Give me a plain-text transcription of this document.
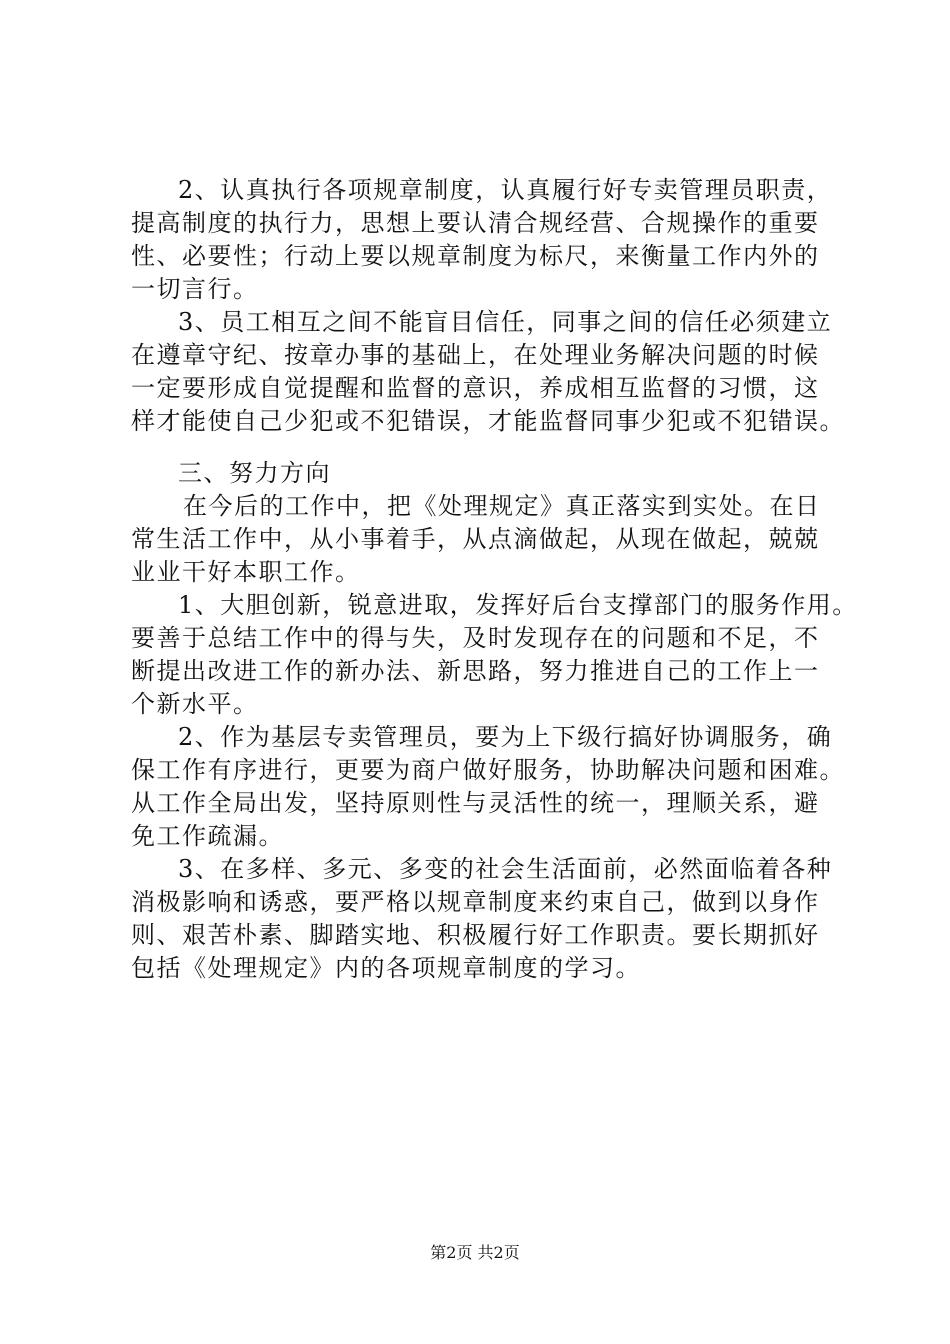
2、认真执行各项规章制度，认真履行好专卖管理员职责，
提高制度的执行力，思想上要认清合规经营、合规操作的重要
性、必要性；行动上要以规章制度为标尺，来衡量工作内外的
一切言行。
3、员工相互之间不能盲目信任，同事之间的信任必须建立
在遵章守纪、按章办事的基础上，在处理业务解决问题的时候
一定要形成自觉提醒和监督的意识，养成相互监督的习惯，这
样才能使自己少犯或不犯错误，才能监督同事少犯或不犯错误。
三、努力方向
在今后的工作中，把《处理规定》真正落实到实处。在日
常生活工作中，从小事着手，从点滴做起，从现在做起，兢兢
业业干好本职工作。
1、大胆创新，锐意进取，发挥好后台支撑部门的服务作用。
要善于总结工作中的得与失，及时发现存在的问题和不足，不
断提出改进工作的新办法、新思路，努力推进自己的工作上一
个新水平。
2、作为基层专卖管理员，要为上下级行搞好协调服务，确
保工作有序进行，更要为商户做好服务，协助解决问题和困难。
从工作全局出发，坚持原则性与灵活性的统一，理顺关系，避
免工作疏漏。
3、在多样、多元、多变的社会生活面前，必然面临着各种
消极影响和诱惑，要严格以规章制度来约束自己，做到以身作
则、艰苦朴素、脚踏实地、积极履行好工作职责。要长期抓好
包括《处理规定》内的各项规章制度的学习。
第2页 共2页
